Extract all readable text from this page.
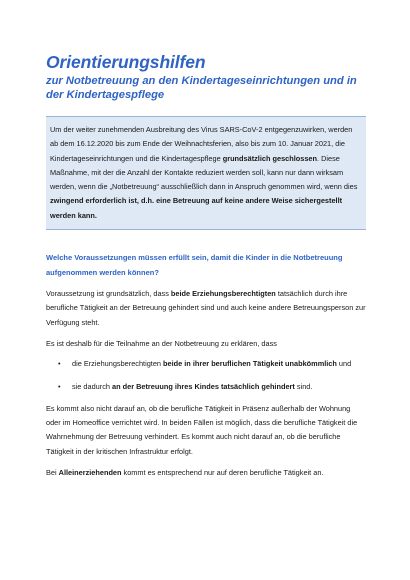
Orientierungshilfen
zur Notbetreuung an den Kindertageseinrichtungen und in der Kindertagespflege
Um der weiter zunehmenden Ausbreitung des Virus SARS-CoV-2 entgegenzuwirken, werden ab dem 16.12.2020 bis zum Ende der Weihnachtsferien, also bis zum 10. Januar 2021, die Kindertageseinrichtungen und die Kindertagespflege grundsätzlich geschlossen. Diese Maßnahme, mit der die Anzahl der Kontakte reduziert werden soll, kann nur dann wirksam werden, wenn die „Notbetreuung“ ausschließlich dann in Anspruch genommen wird, wenn dies zwingend erforderlich ist, d.h. eine Betreuung auf keine andere Weise sichergestellt werden kann.
Welche Voraussetzungen müssen erfüllt sein, damit die Kinder in die Notbetreuung aufgenommen werden können?

Voraussetzung ist grundsätzlich, dass beide Erziehungsberechtigten tatsächlich durch ihre berufliche Tätigkeit an der Betreuung gehindert sind und auch keine andere Betreuungsperson zur Verfügung steht.

Es ist deshalb für die Teilnahme an der Notbetreuung zu erklären, dass

• die Erziehungsberechtigten beide in ihrer beruflichen Tätigkeit unabkömmlich und
• sie dadurch an der Betreuung ihres Kindes tatsächlich gehindert sind.

Es kommt also nicht darauf an, ob die berufliche Tätigkeit in Präsenz außerhalb der Wohnung oder im Homeoffice verrichtet wird. In beiden Fällen ist möglich, dass die berufliche Tätigkeit die Wahrnehmung der Betreuung verhindert. Es kommt auch nicht darauf an, ob die berufliche Tätigkeit in der kritischen Infrastruktur erfolgt.

Bei Alleinerziehenden kommt es entsprechend nur auf deren berufliche Tätigkeit an.
